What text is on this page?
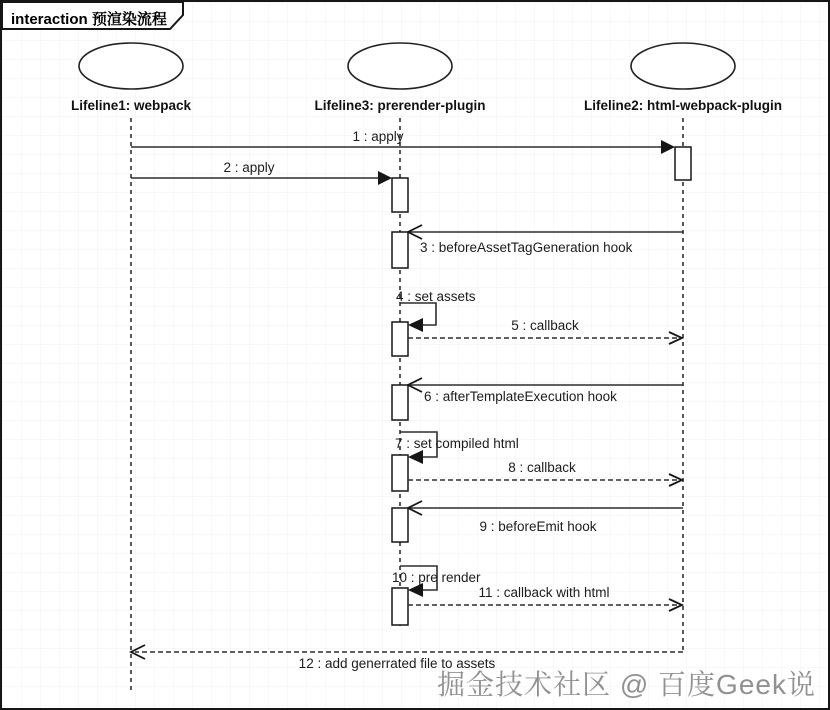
interaction 预渲染流程
Lifeline1: webpack	Lifeline3: prerender-plugin	Lifeline2: html-webpack-plugin
1 : apply
2 : apply
3 : beforeAssetTagGeneration hook
4 : set assets
5 : callback
6 : afterTemplateExecution hook
7 : set compiled html
8 : callback
9 : beforeEmit hook
10 : pre render
11 : callback with html
12 : add generrated file to assets
掘金技术社区 @ 百度Geek说
